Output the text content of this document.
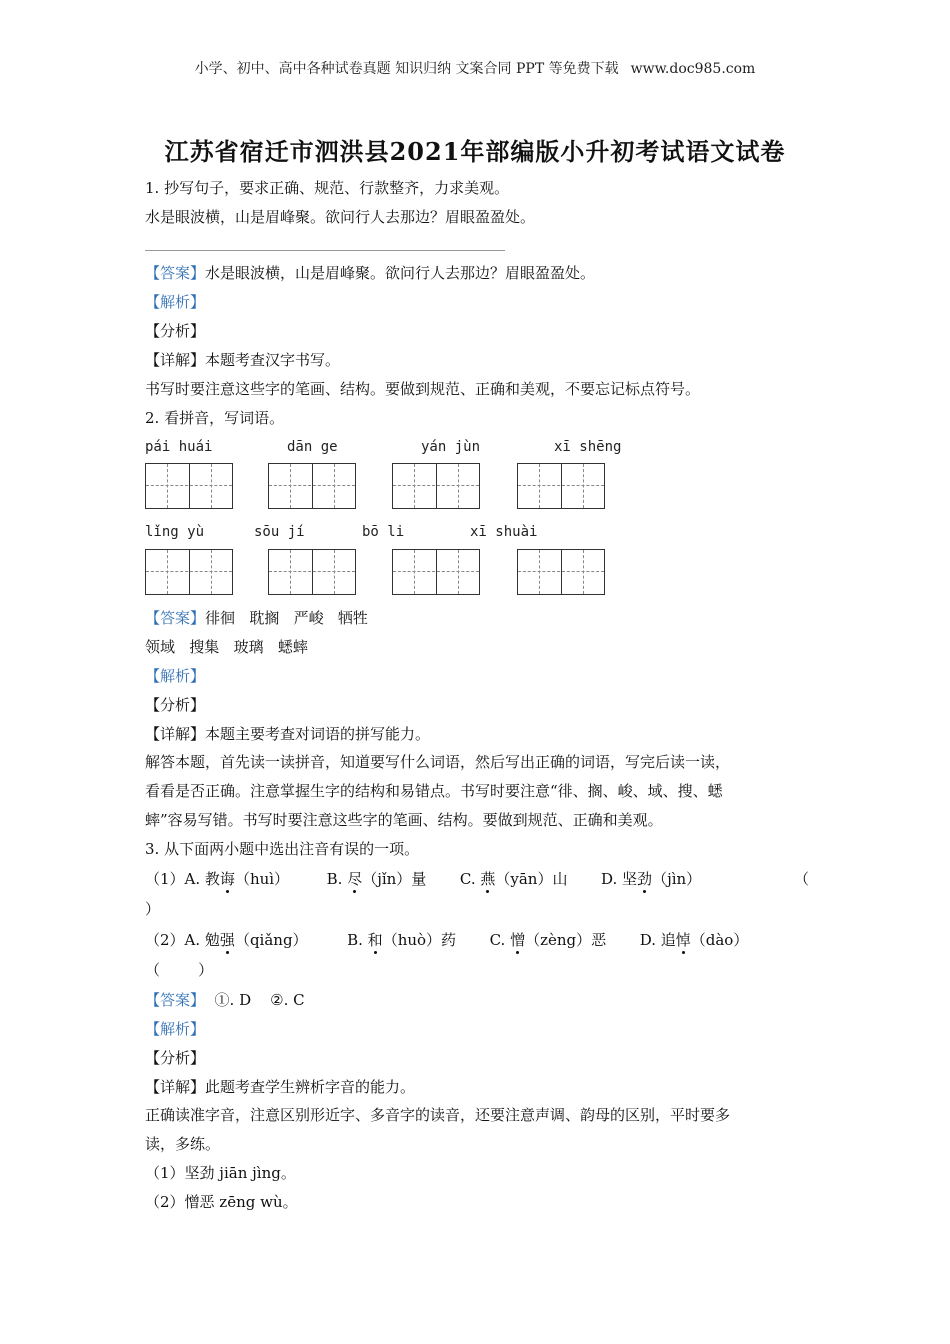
小学、初中、高中各种试卷真题 知识归纳 文案合同 PPT 等免费下载 www.doc985.com
江苏省宿迁市泗洪县2021年部编版小升初考试语文试卷
1. 抄写句子，要求正确、规范、行款整齐，力求美观。
水是眼波横，山是眉峰聚。欲问行人去那边？眉眼盈盈处。
【答案】水是眼波横，山是眉峰聚。欲问行人去那边？眉眼盈盈处。
【解析】
【分析】
【详解】本题考查汉字书写。
书写时要注意这些字的笔画、结构。要做到规范、正确和美观，不要忘记标点符号。
2. 看拼音，写词语。
pái huái	dān ge	yán jùn	xī shēng
lǐng yù	sōu jí	bō li	xī shuài
【答案】徘徊   耽搁   严峻   牺牲
领域   搜集   玻璃   蟋蟀
【解析】
【分析】
【详解】本题主要考查对词语的拼写能力。
解答本题，首先读一读拼音，知道要写什么词语，然后写出正确的词语，写完后读一读，
看看是否正确。注意掌握生字的结构和易错点。书写时要注意“徘、搁、峻、域、搜、蟋
蟀”容易写错。书写时要注意这些字的笔画、结构。要做到规范、正确和美观。
3. 从下面两小题中选出注音有误的一项。
（1）A. 教诲（huì）	B. 尽（jǐn）量 C. 燕（yān）山 D. 坚劲（jìn）	（
）
（2）A. 勉强（qiǎng）	B. 和（huò）药 C. 憎（zèng）恶 D. 追悼（dào）
（        ）
【答案】  ①. D    ②. C
【解析】
【分析】
【详解】此题考查学生辨析字音的能力。
正确读准字音，注意区别形近字、多音字的读音，还要注意声调、韵母的区别，平时要多
读，多练。
（1）坚劲 jiān jìng。
（2）憎恶 zēng wù。
